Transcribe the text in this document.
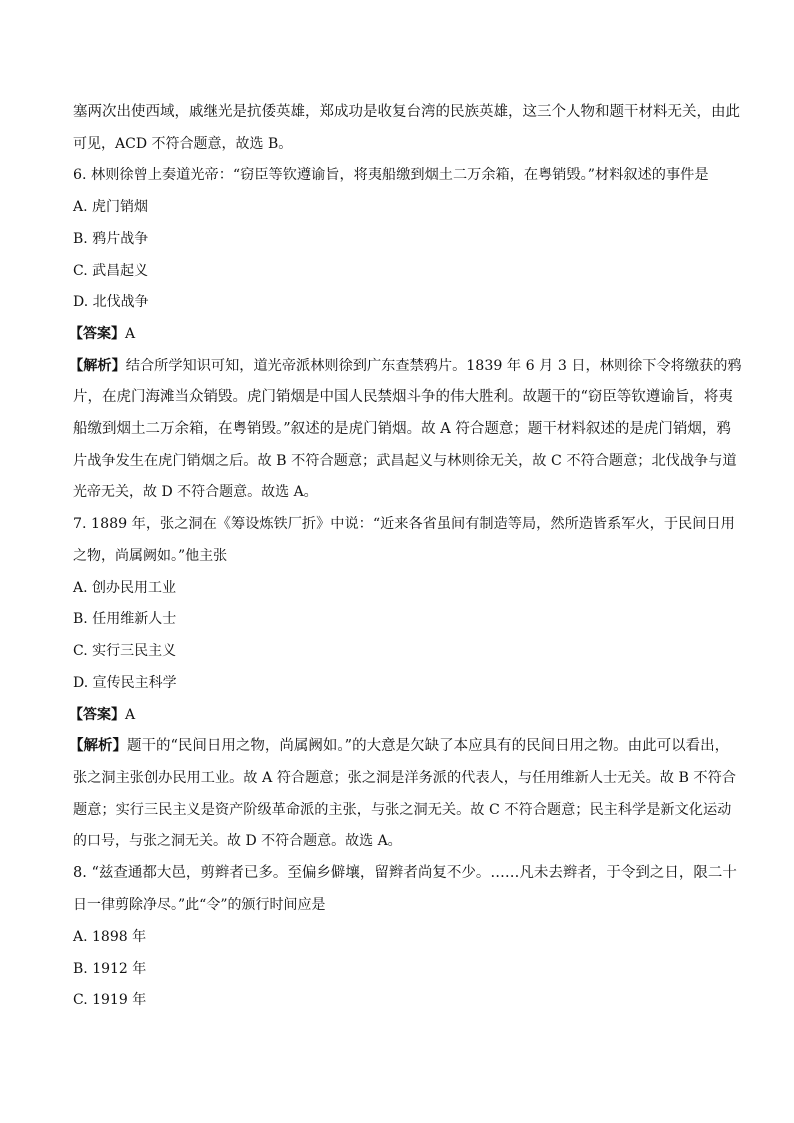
塞两次出使西域，戚继光是抗倭英雄，郑成功是收复台湾的民族英雄，这三个人物和题干材料无关，由此
可见，ACD 不符合题意，故选 B。
6. 林则徐曾上奏道光帝：“窃臣等钦遵谕旨，将夷船缴到烟土二万余箱，在粤销毁。”材料叙述的事件是
A. 虎门销烟
B. 鸦片战争
C. 武昌起义
D. 北伐战争
【答案】A
【解析】结合所学知识可知，道光帝派林则徐到广东查禁鸦片。1839 年 6 月 3 日，林则徐下令将缴获的鸦
片，在虎门海滩当众销毁。虎门销烟是中国人民禁烟斗争的伟大胜利。故题干的“窃臣等钦遵谕旨，将夷
船缴到烟土二万余箱，在粤销毁。”叙述的是虎门销烟。故 A 符合题意；题干材料叙述的是虎门销烟，鸦
片战争发生在虎门销烟之后。故 B 不符合题意；武昌起义与林则徐无关，故 C 不符合题意；北伐战争与道
光帝无关，故 D 不符合题意。故选 A。
7. 1889 年，张之洞在《筹设炼铁厂折》中说：“近来各省虽间有制造等局，然所造皆系军火，于民间日用
之物，尚属阙如。”他主张
A. 创办民用工业
B. 任用维新人士
C. 实行三民主义
D. 宣传民主科学
【答案】A
【解析】题干的“民间日用之物，尚属阙如。”的大意是欠缺了本应具有的民间日用之物。由此可以看出，
张之洞主张创办民用工业。故 A 符合题意；张之洞是洋务派的代表人，与任用维新人士无关。故 B 不符合
题意；实行三民主义是资产阶级革命派的主张，与张之洞无关。故 C 不符合题意；民主科学是新文化运动
的口号，与张之洞无关。故 D 不符合题意。故选 A。
8. “兹查通都大邑，剪辫者已多。至偏乡僻壤，留辫者尚复不少。……凡未去辫者，于令到之日，限二十
日一律剪除净尽。”此“令”的颁行时间应是
A. 1898 年
B. 1912 年
C. 1919 年
